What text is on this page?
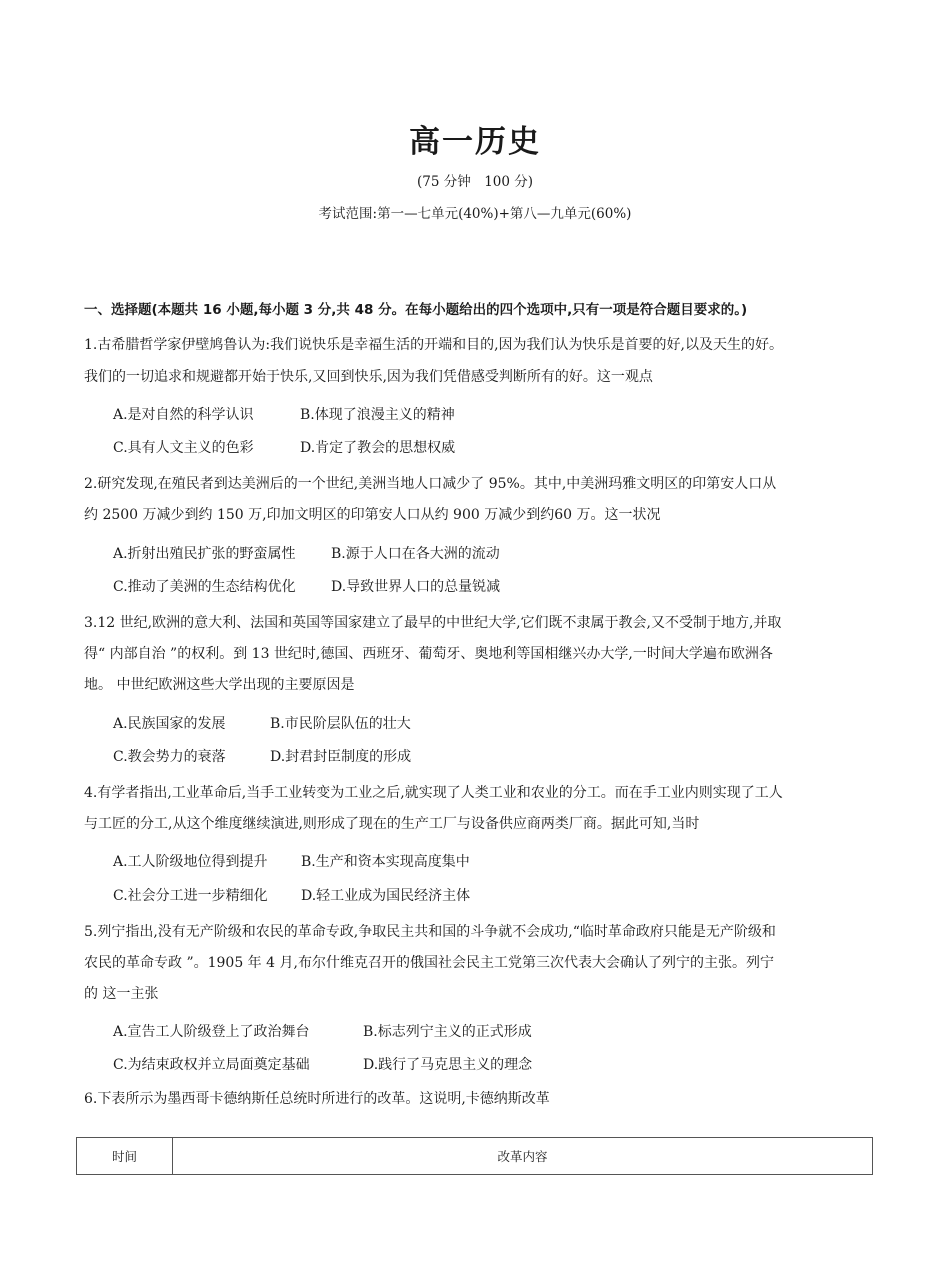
高一历史
(75 分钟　100 分)
考试范围:第一—七单元(40%)+第八—九单元(60%)
一、选择题(本题共 16 小题,每小题 3 分,共 48 分。在每小题给出的四个选项中,只有一项是符合题目要求的。)
1.古希腊哲学家伊壁鸠鲁认为:我们说快乐是幸福生活的开端和目的,因为我们认为快乐是首要的好,以及天生的好。
我们的一切追求和规避都开始于快乐,又回到快乐,因为我们凭借感受判断所有的好。这一观点
A.是对自然的科学认识	B.体现了浪漫主义的精神
C.具有人文主义的色彩	D.肯定了教会的思想权威
2.研究发现,在殖民者到达美洲后的一个世纪,美洲当地人口减少了 95%。其中,中美洲玛雅文明区的印第安人口从
约 2500 万减少到约 150 万,印加文明区的印第安人口从约 900 万减少到约60 万。这一状况
A.折射出殖民扩张的野蛮属性	B.源于人口在各大洲的流动
C.推动了美洲的生态结构优化	D.导致世界人口的总量锐减
3.12 世纪,欧洲的意大利、法国和英国等国家建立了最早的中世纪大学,它们既不隶属于教会,又不受制于地方,并取
得“ 内部自治 ”的权利。到 13 世纪时,德国、西班牙、葡萄牙、奥地利等国相继兴办大学,一时间大学遍布欧洲各
地。 中世纪欧洲这些大学出现的主要原因是
A.民族国家的发展	B.市民阶层队伍的壮大
C.教会势力的衰落	D.封君封臣制度的形成
4.有学者指出,工业革命后,当手工业转变为工业之后,就实现了人类工业和农业的分工。而在手工业内则实现了工人
与工匠的分工,从这个维度继续演进,则形成了现在的生产工厂与设备供应商两类厂商。据此可知,当时
A.工人阶级地位得到提升 B.生产和资本实现高度集中
C.社会分工进一步精细化 D.轻工业成为国民经济主体
5.列宁指出,没有无产阶级和农民的革命专政,争取民主共和国的斗争就不会成功,“临时革命政府只能是无产阶级和
农民的革命专政 ”。1905 年 4 月,布尔什维克召开的俄国社会民主工党第三次代表大会确认了列宁的主张。列宁
的 这一主张
A.宣告工人阶级登上了政治舞台	B.标志列宁主义的正式形成
C.为结束政权并立局面奠定基础	D.践行了马克思主义的理念
6.下表所示为墨西哥卡德纳斯任总统时所进行的改革。这说明,卡德纳斯改革
时间	改革内容
